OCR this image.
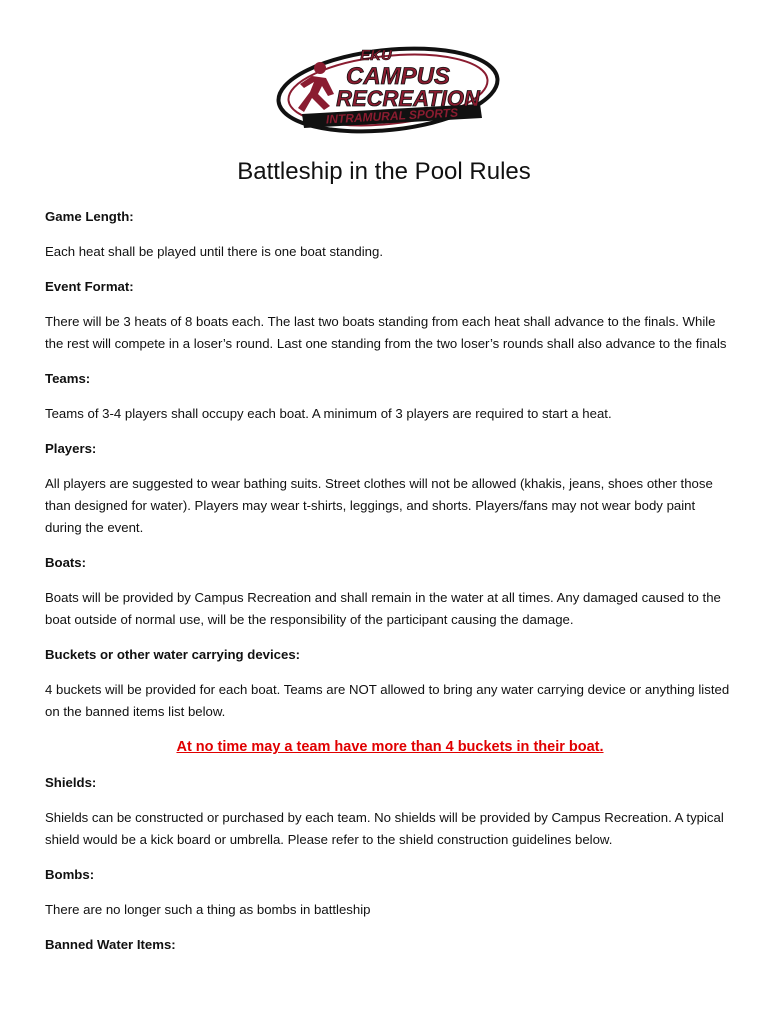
INTRAMURAL SPORTS
EKU
CAMPUS
RECREATION
Battleship in the Pool Rules
Game Length:

Each heat shall be played until there is one boat standing.

Event Format:

There will be 3 heats of 8 boats each. The last two boats standing from each heat shall advance to the finals. While the rest will compete in a loser’s round. Last one standing from the two loser’s rounds shall also advance to the finals

Teams:

Teams of 3-4 players shall occupy each boat. A minimum of 3 players are required to start a heat.

Players:

All players are suggested to wear bathing suits. Street clothes will not be allowed (khakis, jeans, shoes other those than designed for water). Players may wear t-shirts, leggings, and shorts. Players/fans may not wear body paint during the event.

Boats:

Boats will be provided by Campus Recreation and shall remain in the water at all times. Any damaged caused to the boat outside of normal use, will be the responsibility of the participant causing the damage.

Buckets or other water carrying devices:

4 buckets will be provided for each boat. Teams are NOT allowed to bring any water carrying device or anything listed on the banned items list below.

At no time may a team have more than 4 buckets in their boat.

Shields:

Shields can be constructed or purchased by each team. No shields will be provided by Campus Recreation. A typical shield would be a kick board or umbrella. Please refer to the shield construction guidelines below.

Bombs:

There are no longer such a thing as bombs in battleship

Banned Water Items:
